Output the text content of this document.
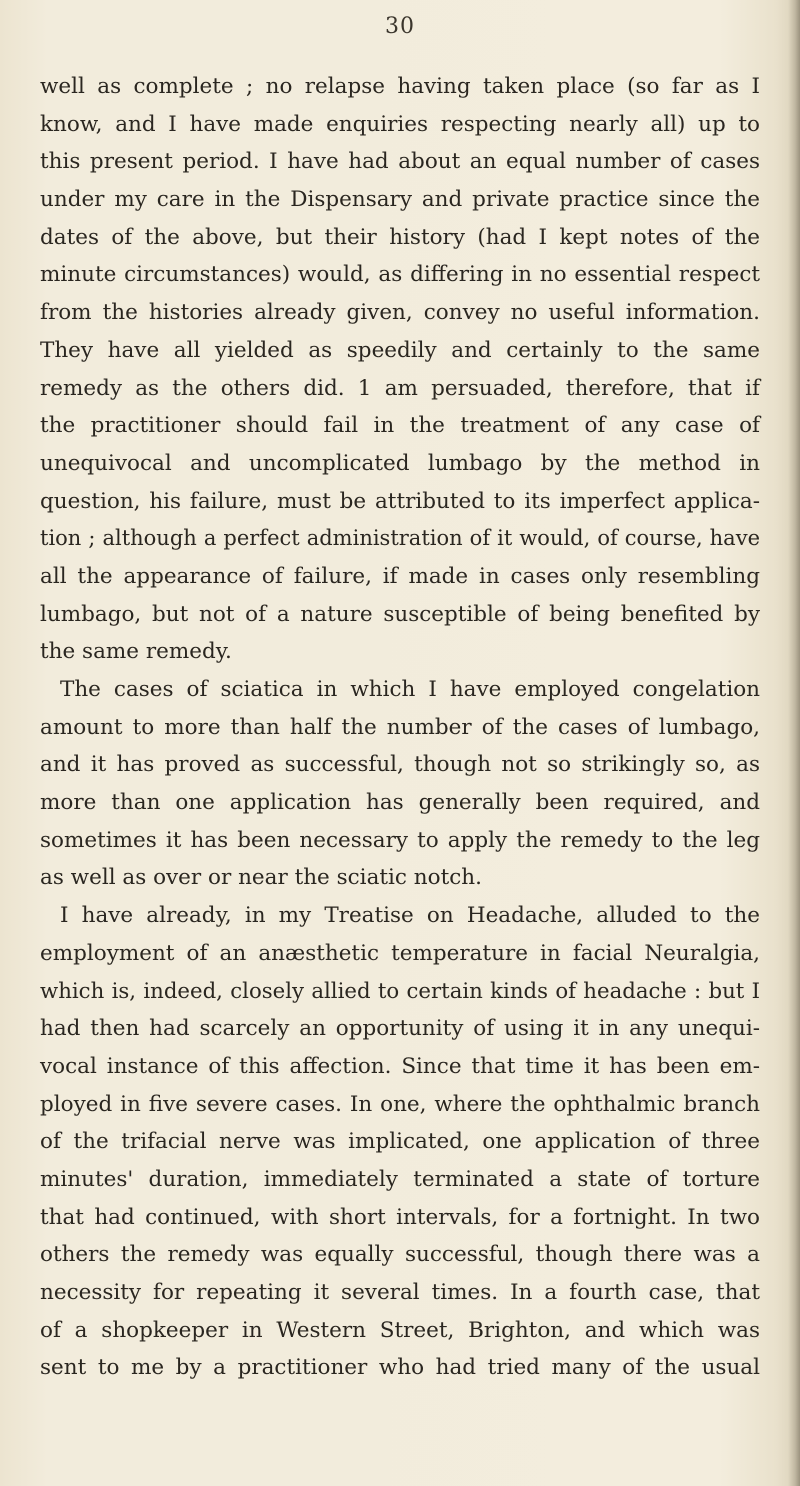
30
well as complete ; no relapse having taken place (so far as I
know, and I have made enquiries respecting nearly all) up to
this present period. I have had about an equal number of cases
under my care in the Dispensary and private practice since the
dates of the above, but their history (had I kept notes of the
minute circumstances) would, as differing in no essential respect
from the histories already given, convey no useful information.
They have all yielded as speedily and certainly to the same
remedy as the others did. 1 am persuaded, therefore, that if
the practitioner should fail in the treatment of any case of
unequivocal and uncomplicated lumbago by the method in
question, his failure, must be attributed to its imperfect applica-
tion ; although a perfect administration of it would, of course, have
all the appearance of failure, if made in cases only resembling
lumbago, but not of a nature susceptible of being benefited by
the same remedy.
The cases of sciatica in which I have employed congelation
amount to more than half the number of the cases of lumbago,
and it has proved as successful, though not so strikingly so, as
more than one application has generally been required, and
sometimes it has been necessary to apply the remedy to the leg
as well as over or near the sciatic notch.
I have already, in my Treatise on Headache, alluded to the
employment of an anæsthetic temperature in facial Neuralgia,
which is, indeed, closely allied to certain kinds of headache : but I
had then had scarcely an opportunity of using it in any unequi-
vocal instance of this affection. Since that time it has been em-
ployed in five severe cases. In one, where the ophthalmic branch
of the trifacial nerve was implicated, one application of three
minutes' duration, immediately terminated a state of torture
that had continued, with short intervals, for a fortnight. In two
others the remedy was equally successful, though there was a
necessity for repeating it several times. In a fourth case, that
of a shopkeeper in Western Street, Brighton, and which was
sent to me by a practitioner who had tried many of the usual
